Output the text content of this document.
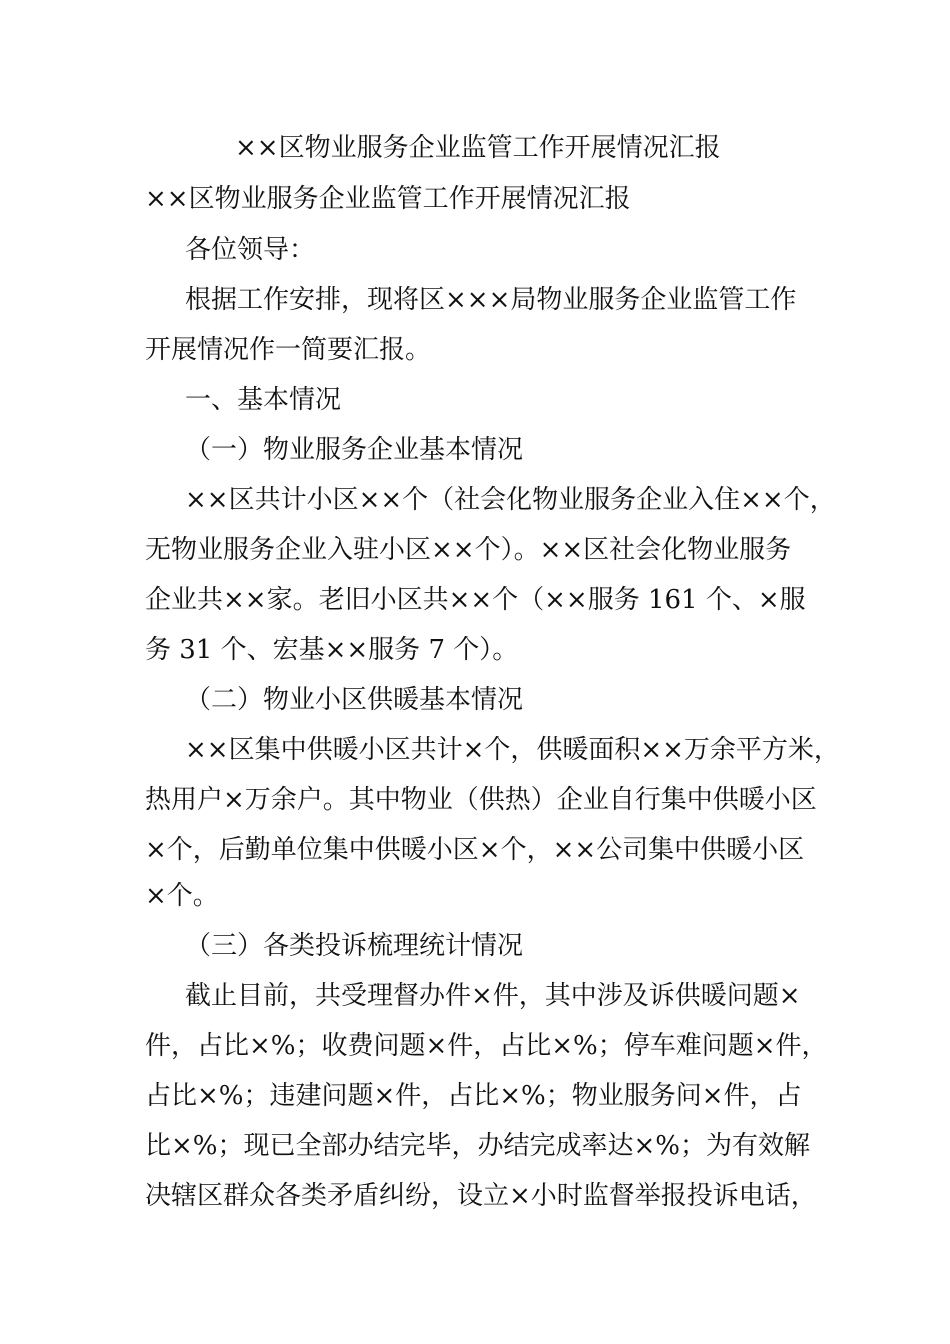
××区物业服务企业监管工作开展情况汇报
××区物业服务企业监管工作开展情况汇报
各位领导：
根据工作安排，现将区×××局物业服务企业监管工作
开展情况作一简要汇报。
一、基本情况
（一）物业服务企业基本情况
××区共计小区××个（社会化物业服务企业入住××个，
无物业服务企业入驻小区××个）。××区社会化物业服务
企业共××家。老旧小区共××个（××服务 161 个、×服
务 31 个、宏基××服务 7 个）。
（二）物业小区供暖基本情况
××区集中供暖小区共计×个，供暖面积××万余平方米，
热用户×万余户。其中物业（供热）企业自行集中供暖小区
×个，后勤单位集中供暖小区×个，××公司集中供暖小区
×个。
（三）各类投诉梳理统计情况
截止目前，共受理督办件×件，其中涉及诉供暖问题×
件，占比×%；收费问题×件，占比×%；停车难问题×件，
占比×%；违建问题×件，占比×%；物业服务问×件，占
比×%；现已全部办结完毕，办结完成率达×%；为有效解
决辖区群众各类矛盾纠纷，设立×小时监督举报投诉电话，
